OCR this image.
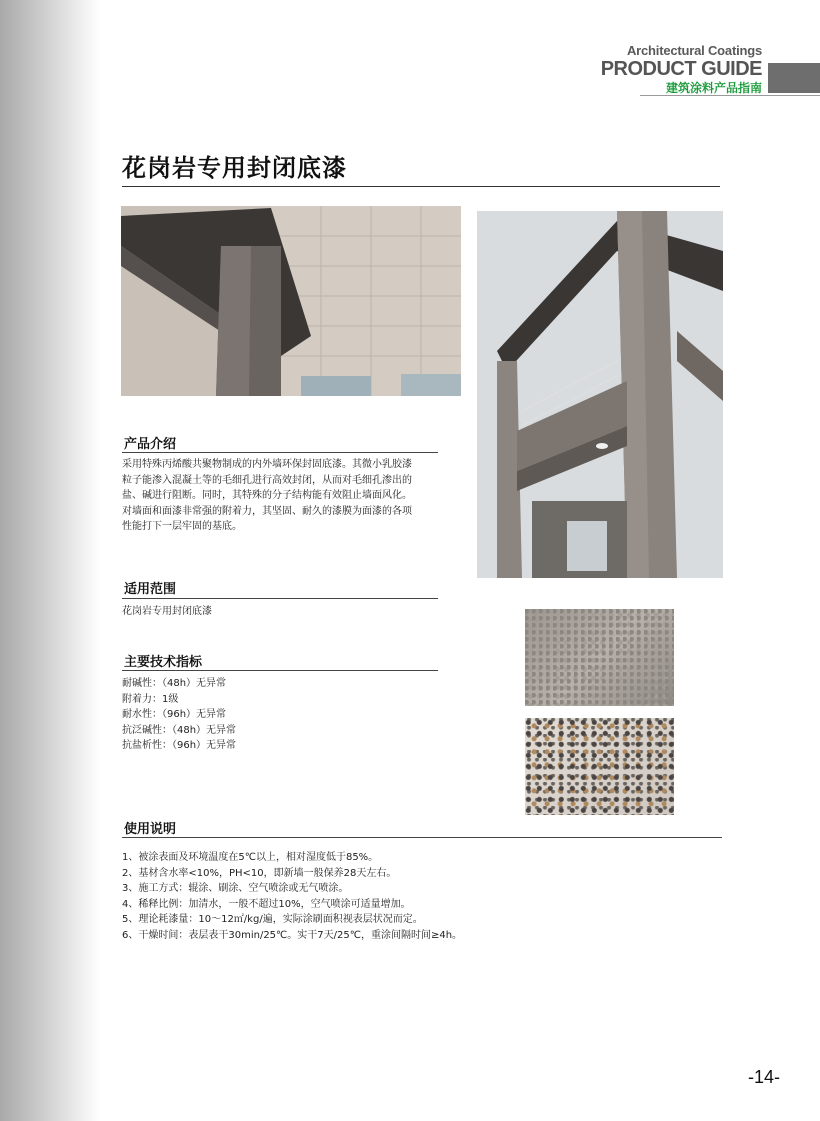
Architectural Coatings
PRODUCT GUIDE
建筑涂料产品指南
花岗岩专用封闭底漆
产品介绍

采用特殊丙烯酸共聚物制成的内外墙环保封固底漆。其微小乳胶漆

粒子能渗入混凝土等的毛细孔进行高效封闭，从而对毛细孔渗出的

盐、碱进行阻断。同时，其特殊的分子结构能有效阻止墙面风化。

对墙面和面漆非常强的附着力，其坚固、耐久的漆膜为面漆的各项

性能打下一层牢固的基底。

适用范围

花岗岩专用封闭底漆

主要技术指标

耐碱性：（48h）无异常

附着力：1级

耐水性：（96h）无异常

抗泛碱性：（48h）无异常

抗盐析性：（96h）无异常

使用说明

1、被涂表面及环境温度在5℃以上，相对湿度低于85%。

2、基材含水率<10%，PH<10，即新墙一般保养28天左右。

3、施工方式：辊涂、刷涂、空气喷涂或无气喷涂。

4、稀释比例：加清水，一般不超过10%，空气喷涂可适量增加。

5、理论耗漆量：10～12㎡/kg/遍，实际涂刷面积视表层状况而定。

6、干燥时间：表层表干30min/25℃。实干7天/25℃，重涂间隔时间≥4h。

-14-
